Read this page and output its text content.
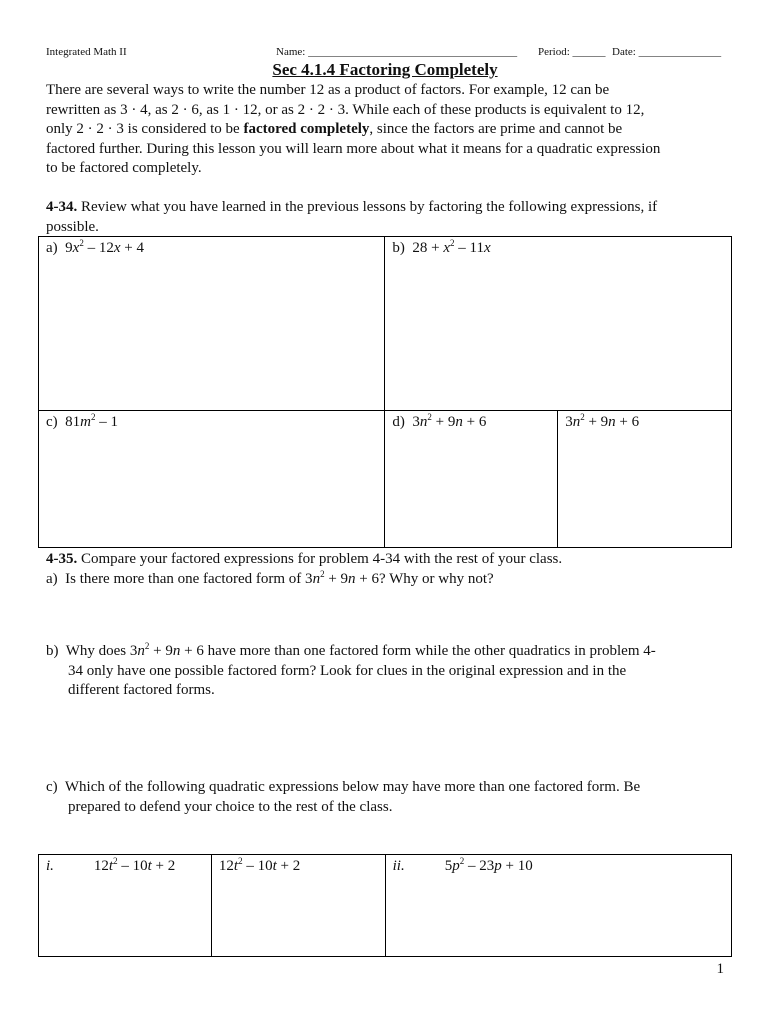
Integrated Math II	Name: ______________________________________ Period: ______ Date: _______________
Sec 4.1.4 Factoring Completely
There are several ways to write the number 12 as a product of factors. For example, 12 can be
rewritten as 3 · 4, as 2 · 6, as 1 · 12, or as 2 · 2 · 3. While each of these products is equivalent to 12,
only 2 · 2 · 3 is considered to be factored completely, since the factors are prime and cannot be
factored further. During this lesson you will learn more about what it means for a quadratic expression
to be factored completely.
4-34. Review what you have learned in the previous lessons by factoring the following expressions, if
possible.
a) $9x^2 - 12x + 4$	b) $28 + x^2 - 11x$	
c) $81m^2 - 1$	d) $3n^2 + 9n + 6$	$3n^2 + 9n + 6$
4-35. Compare your factored expressions for problem 4-34 with the rest of your class.
a) Is there more than one factored form of $3n^2 + 9n + 6$? Why or why not?
b) Why does $3n^2 + 9n + 6$ have more than one factored form while the other quadratics in problem 4-
34 only have one possible factored form? Look for clues in the original expression and in the
different factored forms.
c) Which of the following quadratic expressions below may have more than one factored form. Be
prepared to defend your choice to the rest of the class.
i.	$12t^2 - 10t + 2$	$12t^2 - 10t + 2$	ii.	$5p^2 - 23p + 10$
1
